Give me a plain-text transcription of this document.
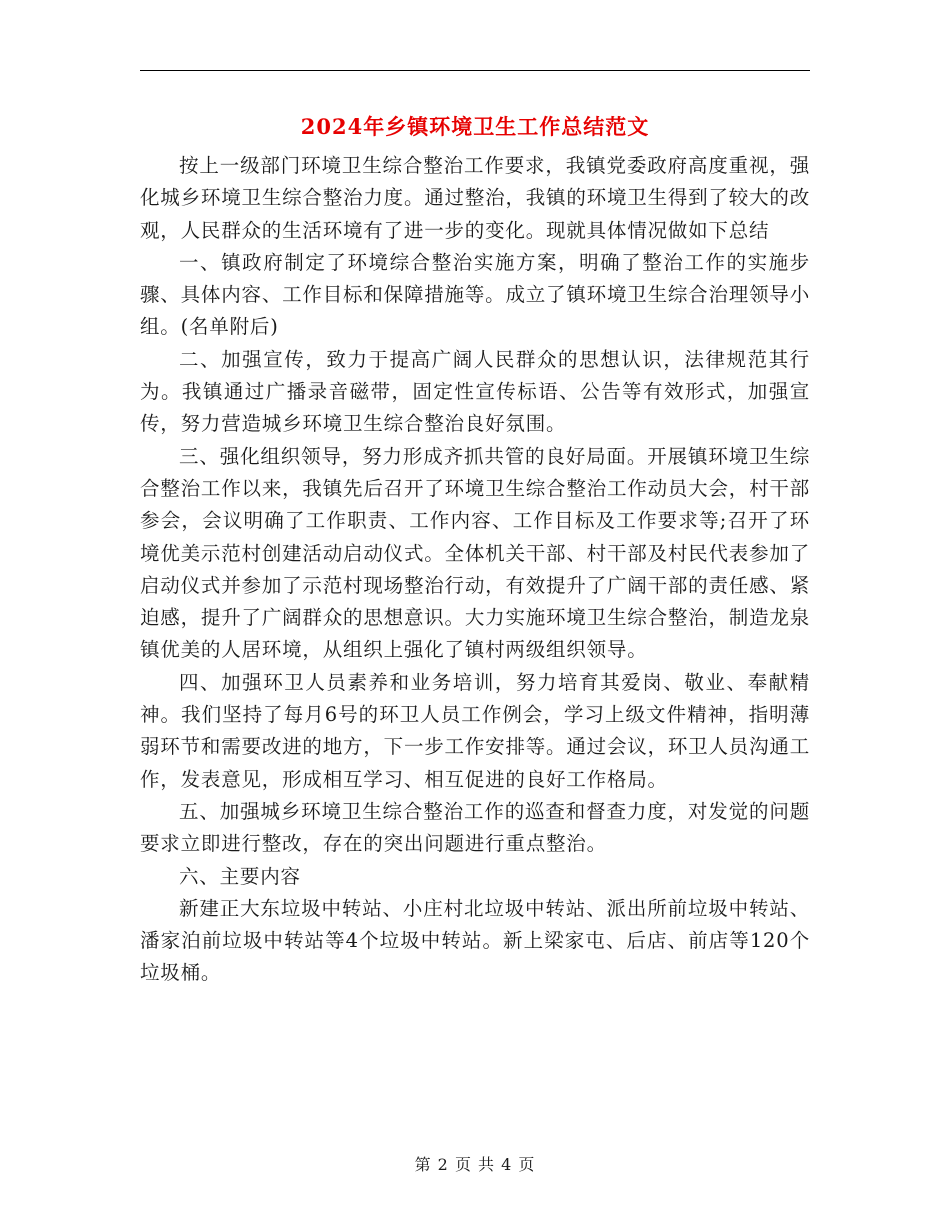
2024年乡镇环境卫生工作总结范文

按上一级部门环境卫生综合整治工作要求，我镇党委政府高度重视，强化城乡环境卫生综合整治力度。通过整治，我镇的环境卫生得到了较大的改观，人民群众的生活环境有了进一步的变化。现就具体情况做如下总结

一、镇政府制定了环境综合整治实施方案，明确了整治工作的实施步骤、具体内容、工作目标和保障措施等。成立了镇环境卫生综合治理领导小组。(名单附后)

二、加强宣传，致力于提高广阔人民群众的思想认识，法律规范其行为。我镇通过广播录音磁带，固定性宣传标语、公告等有效形式，加强宣传，努力营造城乡环境卫生综合整治良好氛围。

三、强化组织领导，努力形成齐抓共管的良好局面。开展镇环境卫生综合整治工作以来，我镇先后召开了环境卫生综合整治工作动员大会，村干部参会，会议明确了工作职责、工作内容、工作目标及工作要求等;召开了环境优美示范村创建活动启动仪式。全体机关干部、村干部及村民代表参加了启动仪式并参加了示范村现场整治行动，有效提升了广阔干部的责任感、紧迫感，提升了广阔群众的思想意识。大力实施环境卫生综合整治，制造龙泉镇优美的人居环境，从组织上强化了镇村两级组织领导。

四、加强环卫人员素养和业务培训，努力培育其爱岗、敬业、奉献精神。我们坚持了每月6号的环卫人员工作例会，学习上级文件精神，指明薄弱环节和需要改进的地方，下一步工作安排等。通过会议，环卫人员沟通工作，发表意见，形成相互学习、相互促进的良好工作格局。

五、加强城乡环境卫生综合整治工作的巡查和督查力度，对发觉的问题要求立即进行整改，存在的突出问题进行重点整治。

六、主要内容

新建正大东垃圾中转站、小庄村北垃圾中转站、派出所前垃圾中转站、潘家泊前垃圾中转站等4个垃圾中转站。新上梁家屯、后店、前店等120个垃圾桶。

第 2 页 共 4 页
